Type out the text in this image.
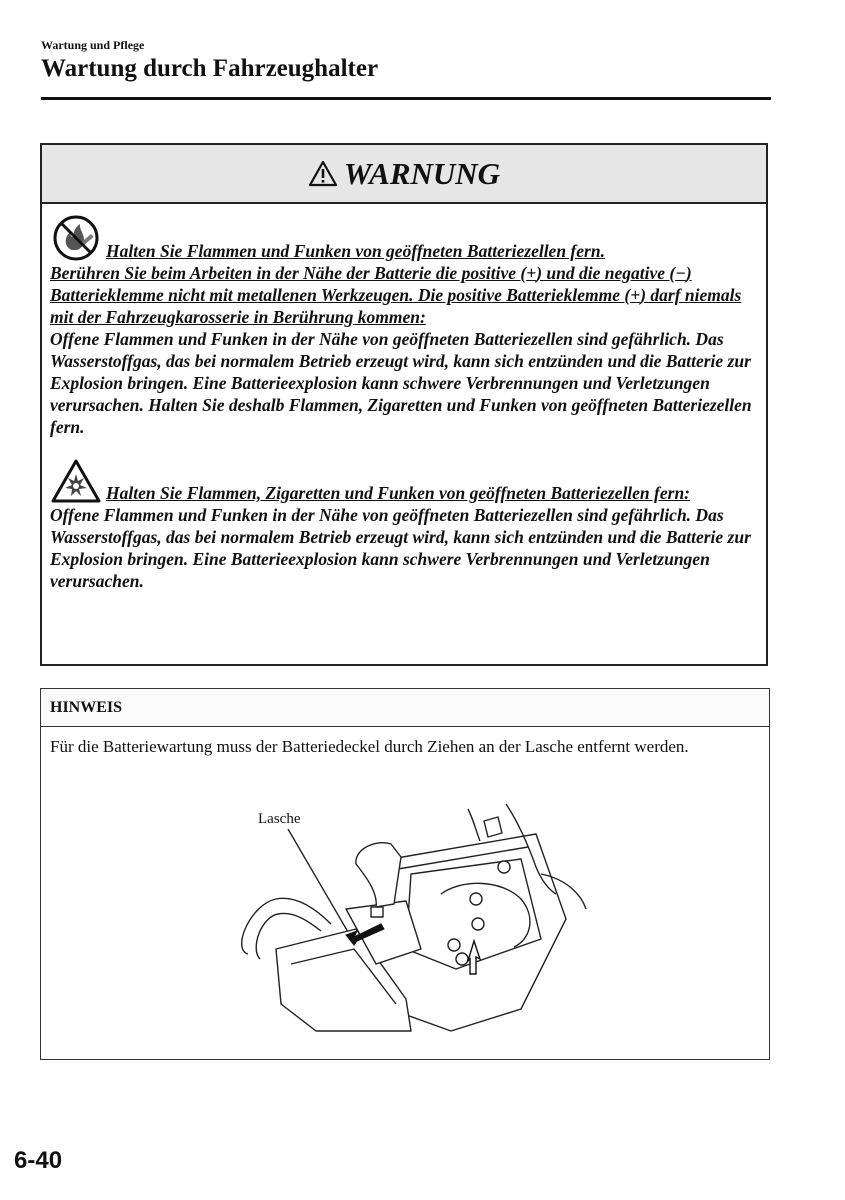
Wartung und Pflege
Wartung durch Fahrzeughalter
WARNUNG

Halten Sie Flammen und Funken von geöffneten Batteriezellen fern.
Berühren Sie beim Arbeiten in der Nähe der Batterie die positive (+) und die negative (−) Batterieklemme nicht mit metallenen Werkzeugen. Die positive Batterieklemme (+) darf niemals mit der Fahrzeugkarosserie in Berührung kommen:

Offene Flammen und Funken in der Nähe von geöffneten Batteriezellen sind gefährlich. Das Wasserstoffgas, das bei normalem Betrieb erzeugt wird, kann sich entzünden und die Batterie zur Explosion bringen. Eine Batterieexplosion kann schwere Verbrennungen und Verletzungen verursachen. Halten Sie deshalb Flammen, Zigaretten und Funken von geöffneten Batteriezellen fern.

Halten Sie Flammen, Zigaretten und Funken von geöffneten Batteriezellen fern:

Offene Flammen und Funken in der Nähe von geöffneten Batteriezellen sind gefährlich. Das Wasserstoffgas, das bei normalem Betrieb erzeugt wird, kann sich entzünden und die Batterie zur Explosion bringen. Eine Batterieexplosion kann schwere Verbrennungen und Verletzungen verursachen.

HINWEIS
Für die Batteriewartung muss der Batteriedeckel durch Ziehen an der Lasche entfernt werden.
Lasche
6-40
